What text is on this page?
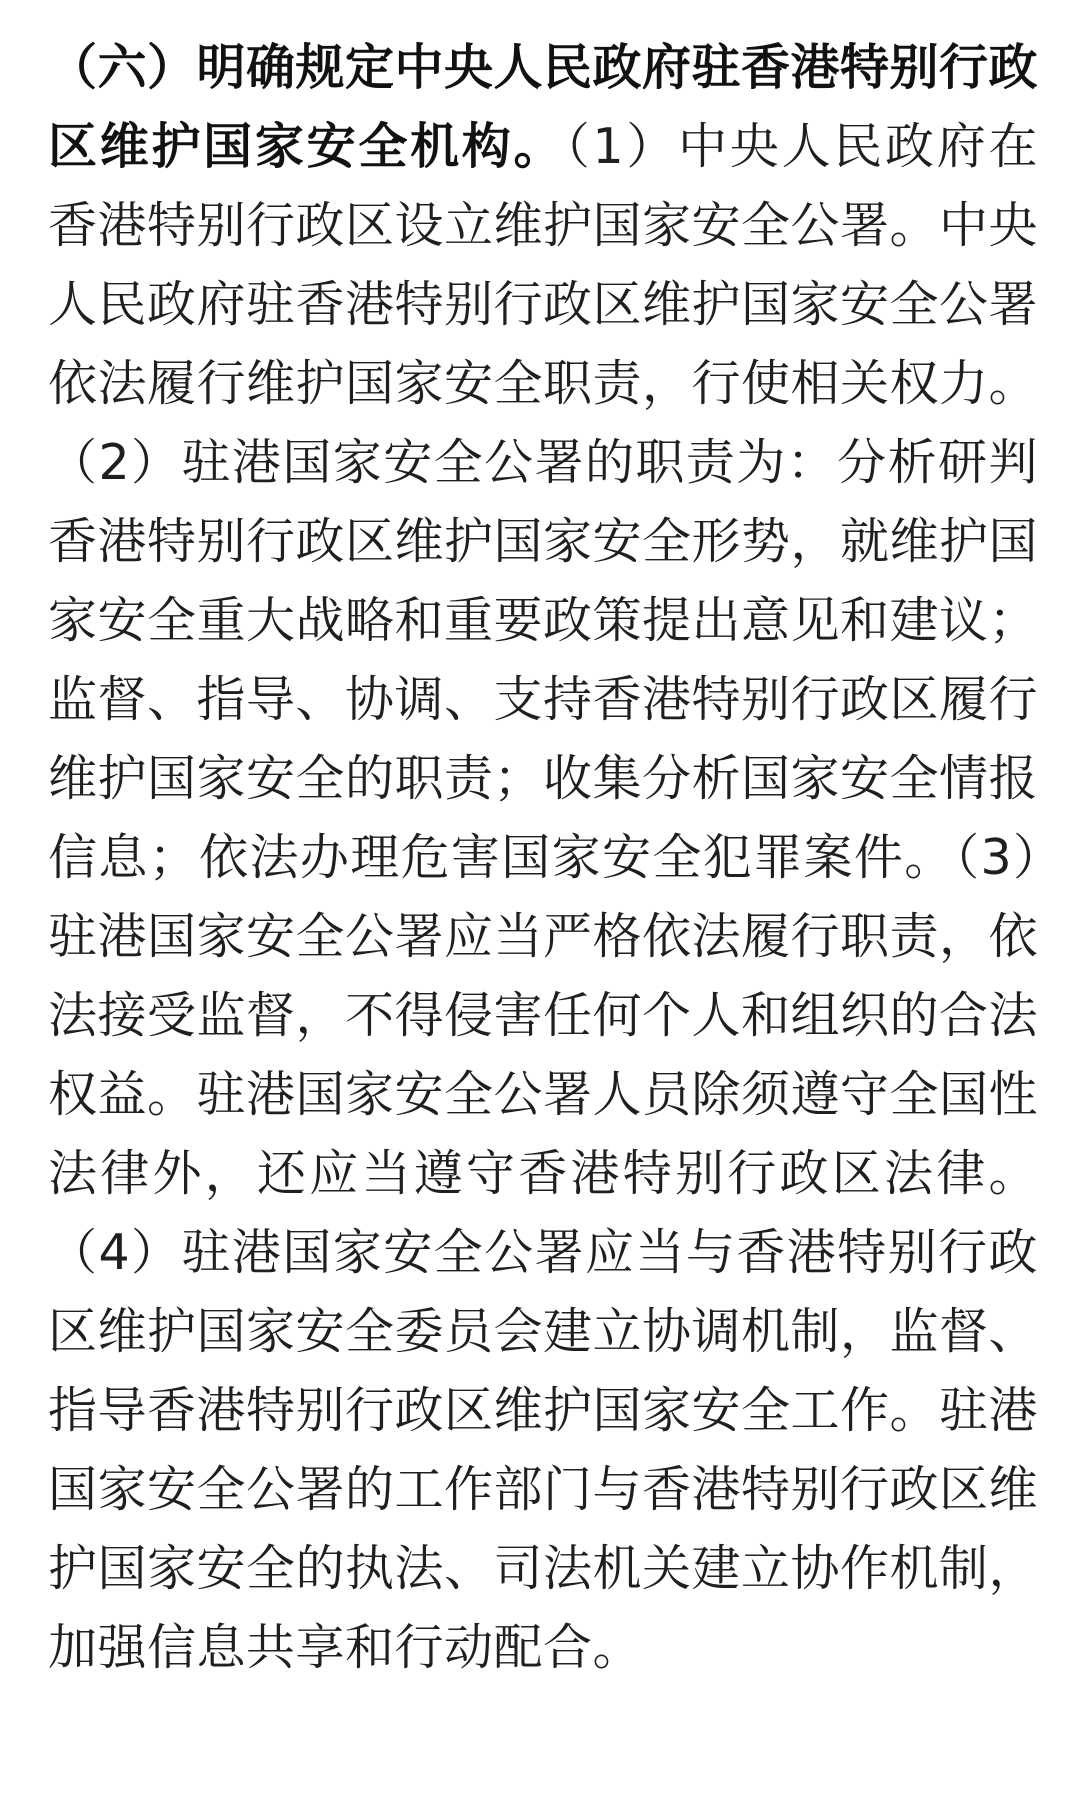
（六）明确规定中央人民政府驻香港特别行政区维护国家安全机构。（1）中央人民政府在香港特别行政区设立维护国家安全公署。中央人民政府驻香港特别行政区维护国家安全公署依法履行维护国家安全职责，行使相关权力。（2）驻港国家安全公署的职责为：分析研判香港特别行政区维护国家安全形势，就维护国家安全重大战略和重要政策提出意见和建议；监督、指导、协调、支持香港特别行政区履行维护国家安全的职责；收集分析国家安全情报信息；依法办理危害国家安全犯罪案件。（3）驻港国家安全公署应当严格依法履行职责，依法接受监督，不得侵害任何个人和组织的合法权益。驻港国家安全公署人员除须遵守全国性法律外，还应当遵守香港特别行政区法律。（4）驻港国家安全公署应当与香港特别行政区维护国家安全委员会建立协调机制，监督、指导香港特别行政区维护国家安全工作。驻港国家安全公署的工作部门与香港特别行政区维护国家安全的执法、司法机关建立协作机制，加强信息共享和行动配合。
